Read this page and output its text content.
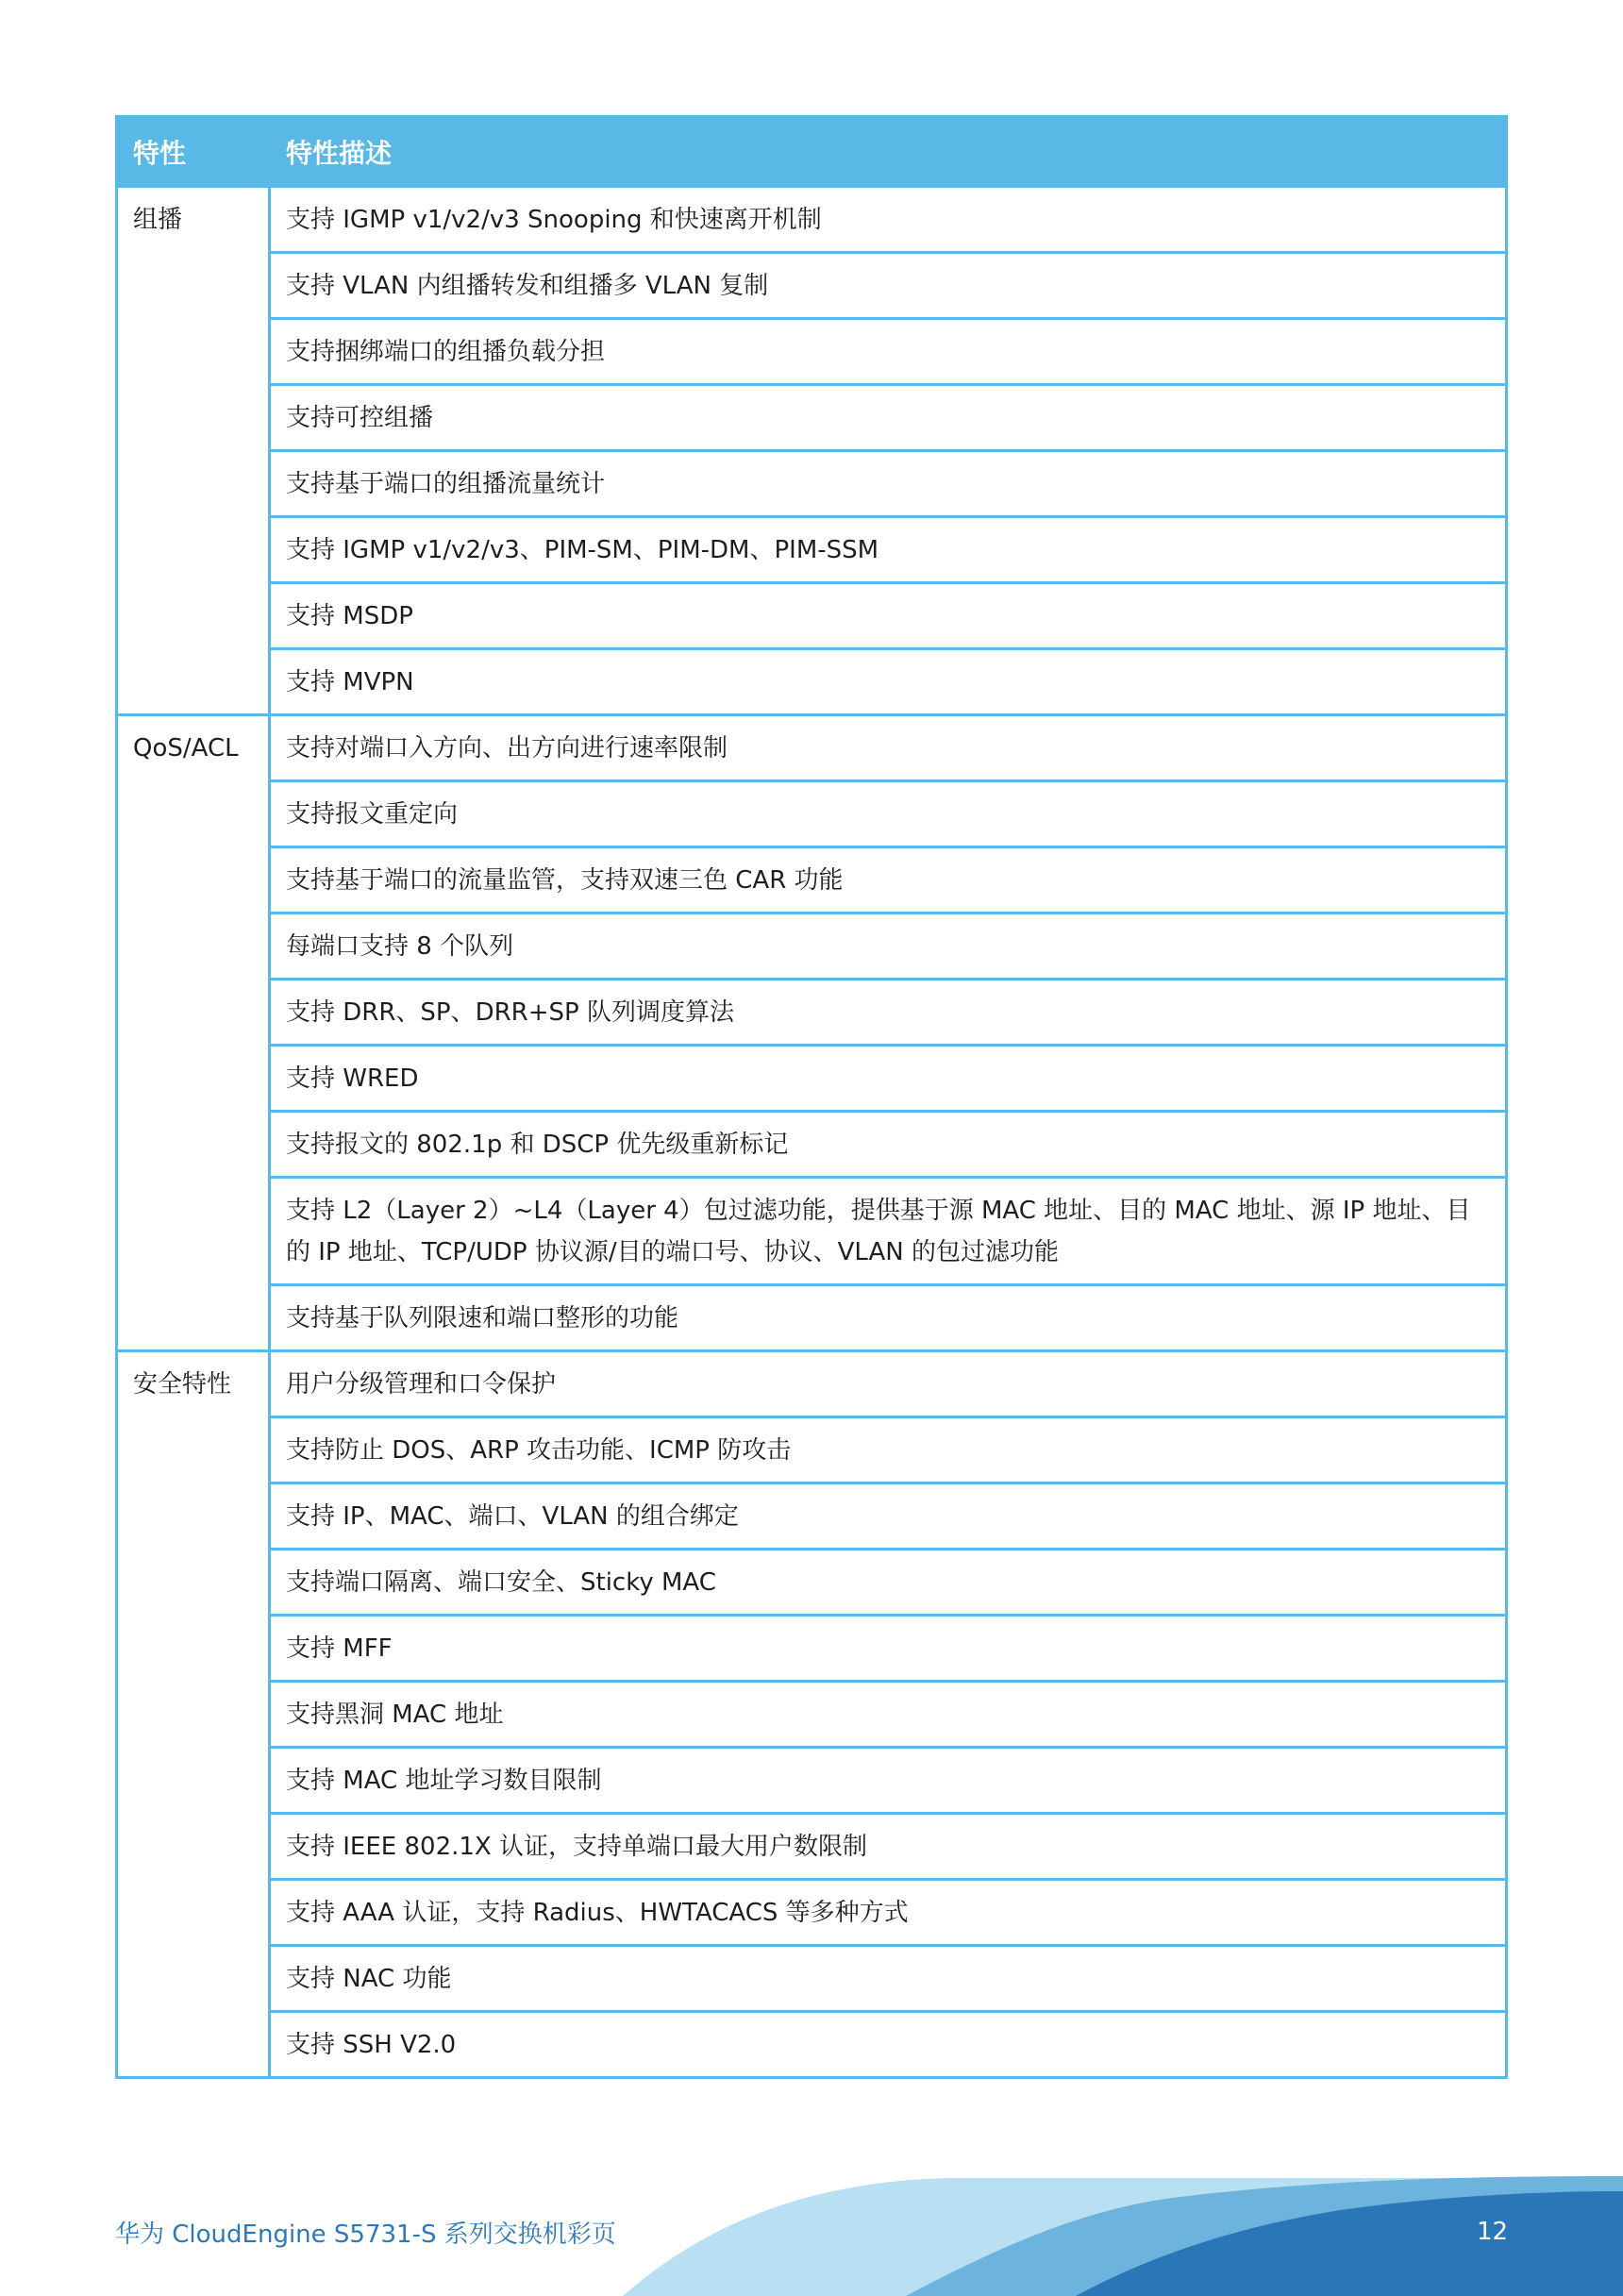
特性	特性描述
组播	支持 IGMP v1/v2/v3 Snooping 和快速离开机制
	支持 VLAN 内组播转发和组播多 VLAN 复制
	支持捆绑端口的组播负载分担
	支持可控组播
	支持基于端口的组播流量统计
	支持 IGMP v1/v2/v3、PIM-SM、PIM-DM、PIM-SSM
	支持 MSDP
	支持 MVPN
QoS/ACL	支持对端口入方向、出方向进行速率限制
	支持报文重定向
	支持基于端口的流量监管，支持双速三色 CAR 功能
	每端口支持 8 个队列
	支持 DRR、SP、DRR+SP 队列调度算法
	支持 WRED
	支持报文的 802.1p 和 DSCP 优先级重新标记
	支持 L2（Layer 2）~L4（Layer 4）包过滤功能，提供基于源 MAC 地址、目的 MAC 地址、源 IP 地址、目的 IP 地址、TCP/UDP 协议源/目的端口号、协议、VLAN 的包过滤功能
	支持基于队列限速和端口整形的功能
安全特性	用户分级管理和口令保护
	支持防止 DOS、ARP 攻击功能、ICMP 防攻击
	支持 IP、MAC、端口、VLAN 的组合绑定
	支持端口隔离、端口安全、Sticky MAC
	支持 MFF
	支持黑洞 MAC 地址
	支持 MAC 地址学习数目限制
	支持 IEEE 802.1X 认证，支持单端口最大用户数限制
	支持 AAA 认证，支持 Radius、HWTACACS 等多种方式
	支持 NAC 功能
	支持 SSH V2.0
华为 CloudEngine S5731-S 系列交换机彩页	12
